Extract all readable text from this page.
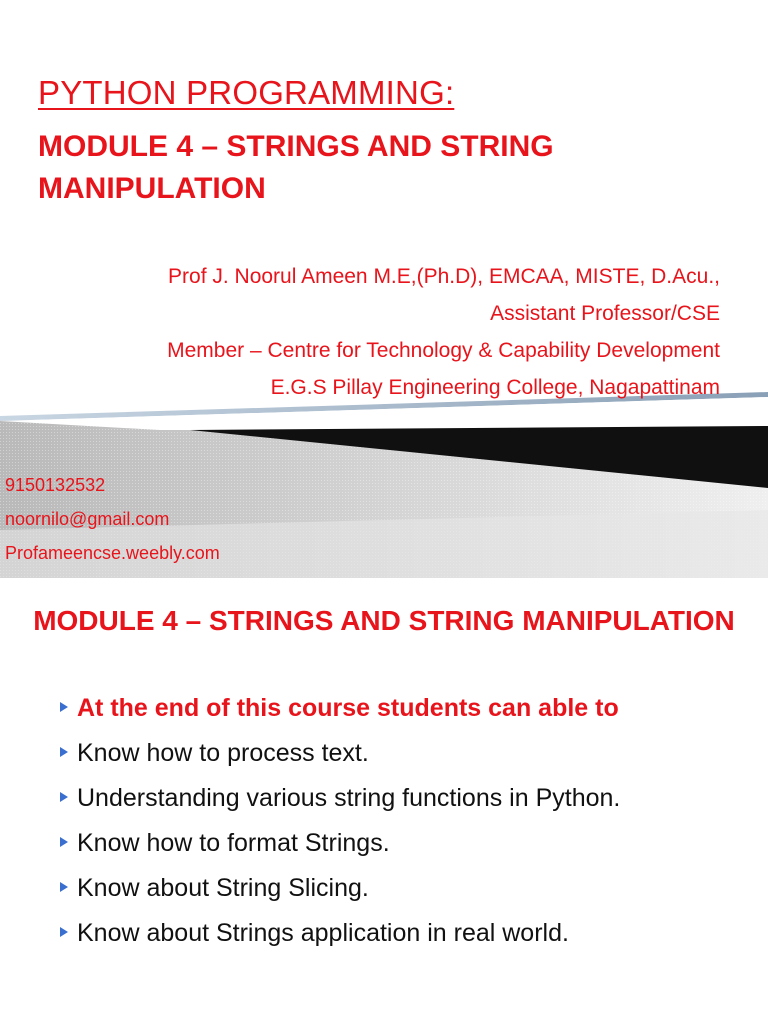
PYTHON PROGRAMMING:
MODULE 4 – STRINGS AND STRING MANIPULATION
Prof J. Noorul Ameen M.E,(Ph.D), EMCAA, MISTE, D.Acu.,
Assistant Professor/CSE
Member – Centre for Technology & Capability Development
E.G.S Pillay Engineering College, Nagapattinam
9150132532
noornilo@gmail.com
Profameencse.weebly.com
MODULE 4 – STRINGS AND STRING MANIPULATION
At the end of this course students can able to
Know how to process text.
Understanding various string functions in Python.
Know how to format Strings.
Know about String Slicing.
Know about Strings application in real world.
